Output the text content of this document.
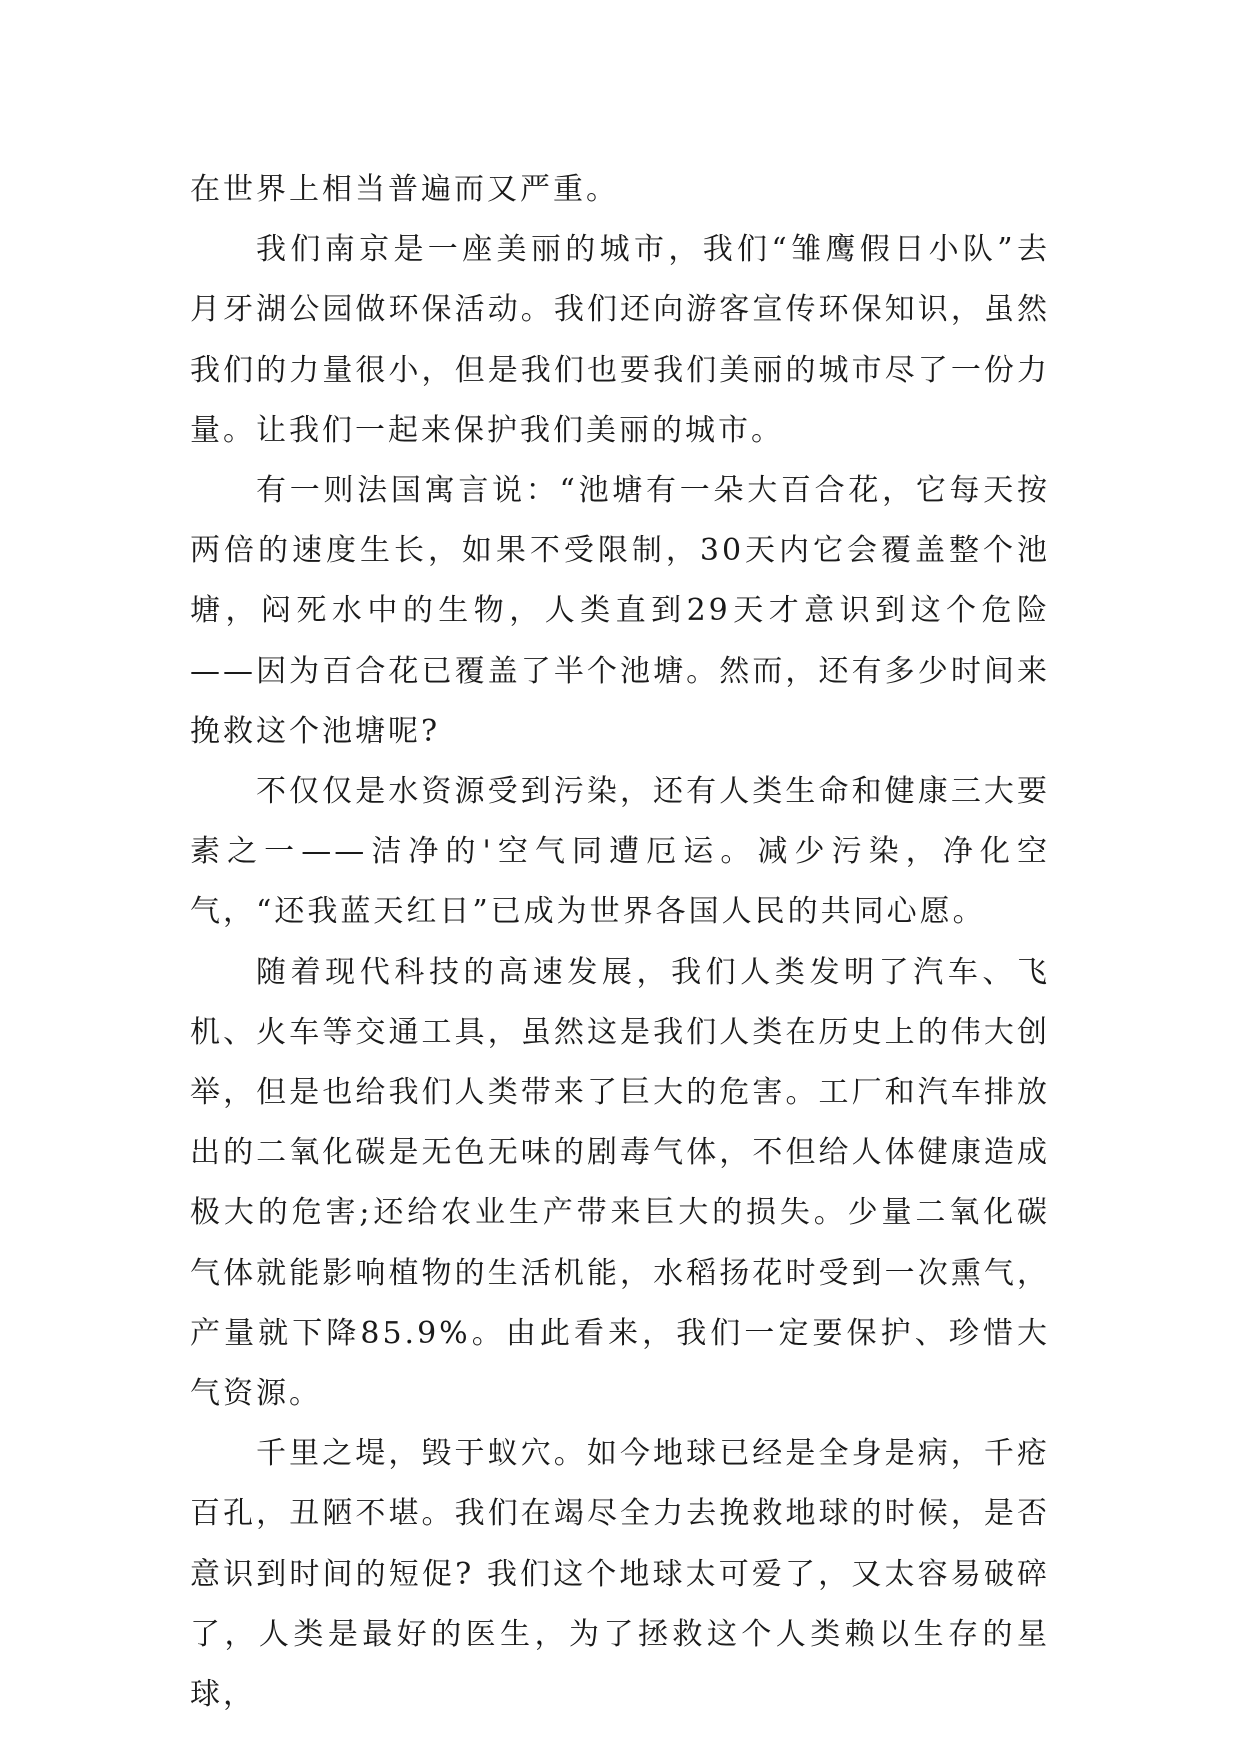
在世界上相当普遍而又严重。

我们南京是一座美丽的城市，我们“雏鹰假日小队”去月牙湖公园做环保活动。我们还向游客宣传环保知识，虽然我们的力量很小，但是我们也要我们美丽的城市尽了一份力量。让我们一起来保护我们美丽的城市。

有一则法国寓言说：“池塘有一朵大百合花，它每天按两倍的速度生长，如果不受限制，30天内它会覆盖整个池塘，闷死水中的生物，人类直到29天才意识到这个危险——因为百合花已覆盖了半个池塘。然而，还有多少时间来挽救这个池塘呢?

不仅仅是水资源受到污染，还有人类生命和健康三大要素之一——洁净的'空气同遭厄运。减少污染，净化空气，“还我蓝天红日”已成为世界各国人民的共同心愿。

随着现代科技的高速发展，我们人类发明了汽车、飞机、火车等交通工具，虽然这是我们人类在历史上的伟大创举，但是也给我们人类带来了巨大的危害。工厂和汽车排放出的二氧化碳是无色无味的剧毒气体，不但给人体健康造成极大的危害;还给农业生产带来巨大的损失。少量二氧化碳气体就能影响植物的生活机能，水稻扬花时受到一次熏气，产量就下降85.9%。由此看来，我们一定要保护、珍惜大气资源。

千里之堤，毁于蚁穴。如今地球已经是全身是病，千疮百孔，丑陋不堪。我们在竭尽全力去挽救地球的时候，是否意识到时间的短促? 我们这个地球太可爱了，又太容易破碎了，人类是最好的医生，为了拯救这个人类赖以生存的星球，
